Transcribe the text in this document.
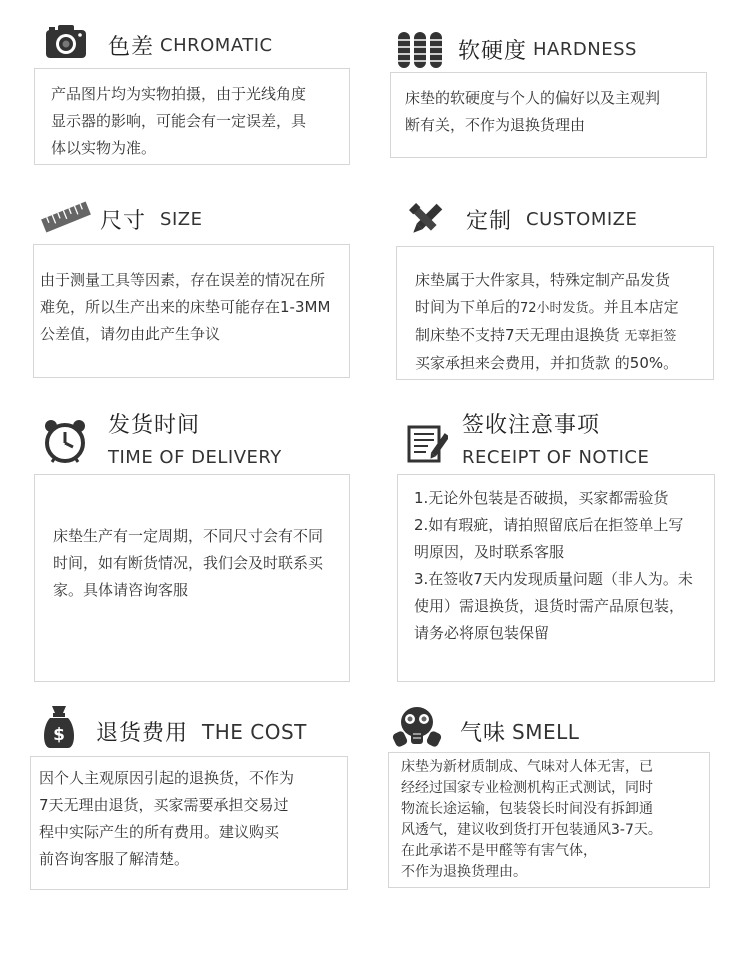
色差 CHROMATIC

产品图片均为实物拍摄，由于光线角度

显示器的影响，可能会有一定误差，具

体以实物为准。

软硬度 HARDNESS

床垫的软硬度与个人的偏好以及主观判

断有关，不作为退换货理由

尺寸 SIZE

由于测量工具等因素，存在误差的情况在所

难免，所以生产出来的床垫可能存在1-3MM

公差值，请勿由此产生争议

定制 CUSTOMIZE

床垫属于大件家具，特殊定制产品发货

时间为下单后的72小时发货。并且本店定

制床垫不支持7天无理由退换货 无辜拒签

买家承担来会费用，并扣货款 的50%。

发货时间
TIME OF DELIVERY

床垫生产有一定周期，不同尺寸会有不同

时间，如有断货情况，我们会及时联系买

家。具体请咨询客服

签收注意事项
RECEIPT OF NOTICE

1.无论外包装是否破损，买家都需验货

2.如有瑕疵，请拍照留底后在拒签单上写

明原因，及时联系客服

3.在签收7天内发现质量问题（非人为。未

使用）需退换货，退货时需产品原包装，

请务必将原包装保留

$ 退货费用 THE COST

因个人主观原因引起的退换货，不作为

7天无理由退货，买家需要承担交易过

程中实际产生的所有费用。建议购买

前咨询客服了解清楚。

气味 SMELL

床垫为新材质制成、气味对人体无害，已

经经过国家专业检测机构正式测试，同时

物流长途运输，包装袋长时间没有拆卸通

风透气，建议收到货打开包装通风3-7天。

在此承诺不是甲醛等有害气体，

不作为退换货理由。
